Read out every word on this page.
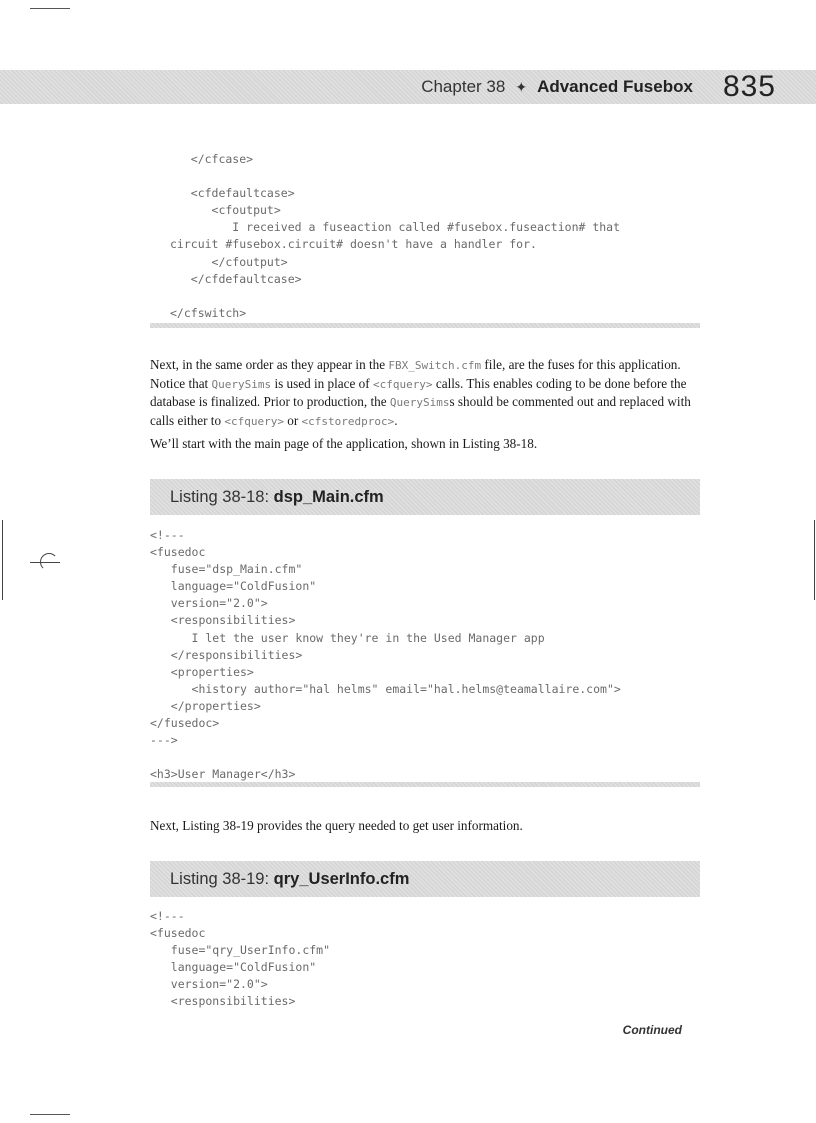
Chapter 38 ✦ Advanced Fusebox 835
</cfcase>

<cfdefaultcase>
<cfoutput>
I received a fuseaction called #fusebox.fuseaction# that
circuit #fusebox.circuit# doesn't have a handler for.
</cfoutput>
</cfdefaultcase>

</cfswitch>

Next, in the same order as they appear in the FBX_Switch.cfm file, are the fuses for this application. Notice that QuerySims is used in place of <cfquery> calls. This enables coding to be done before the database is finalized. Prior to production, the QuerySimss should be commented out and replaced with calls either to <cfquery> or <cfstoredproc>.

We’ll start with the main page of the application, shown in Listing 38-18.

Listing 38-18:
dsp_Main.cfm
<!---
<fusedoc
fuse="dsp_Main.cfm"
language="ColdFusion"
version="2.0">
<responsibilities>
I let the user know they're in the Used Manager app
</responsibilities>
<properties>
<history author="hal helms" email="hal.helms@teamallaire.com">
</properties>
</fusedoc>
--->

<h3>User Manager</h3>

Next, Listing 38-19 provides the query needed to get user information.

Listing 38-19:
qry_UserInfo.cfm
<!---
<fusedoc
fuse="qry_UserInfo.cfm"
language="ColdFusion"
version="2.0">
<responsibilities>
Continued
